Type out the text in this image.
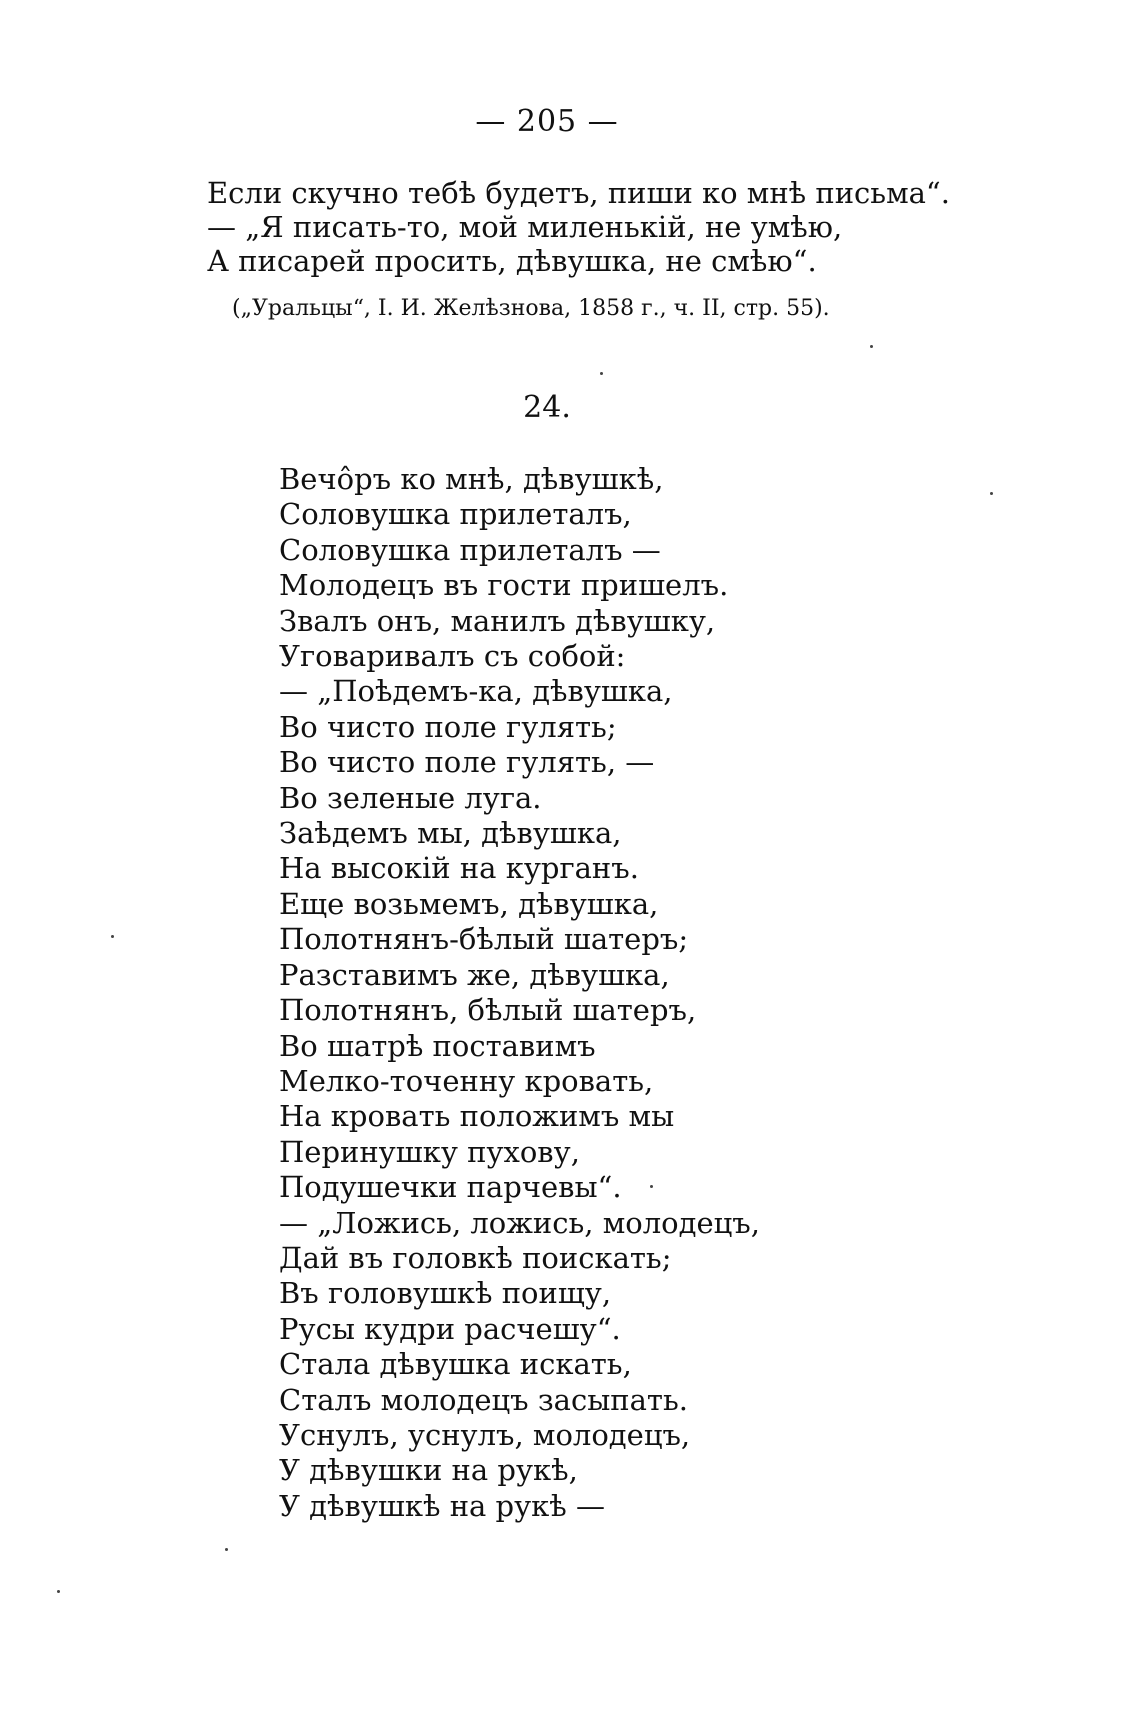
— 205 —
Если скучно тебѣ будетъ, пиши ко мнѣ письма“.
— „Я писать-то, мой миленькій, не умѣю,
А писарей просить, дѣвушка, не смѣю“.
(„Уральцы“, I. И. Желѣзнова, 1858 г., ч. II, стр. 55).
24.
Вечо̂ръ ко мнѣ, дѣвушкѣ,
Соловушка прилеталъ,
Соловушка прилеталъ —
Молодецъ въ гости пришелъ.
Звалъ онъ, манилъ дѣвушку,
Уговаривалъ съ собой:
— „Поѣдемъ-ка, дѣвушка,
Во чисто поле гулять;
Во чисто поле гулять, —
Во зеленые луга.
Заѣдемъ мы, дѣвушка,
На высокій на курганъ.
Еще возьмемъ, дѣвушка,
Полотнянъ-бѣлый шатеръ;
Разставимъ же, дѣвушка,
Полотнянъ, бѣлый шатеръ,
Во шатрѣ поставимъ
Мелко-точенну кровать,
На кровать положимъ мы
Перинушку пухову,
Подушечки парчевы“.
— „Ложись, ложись, молодецъ,
Дай въ головкѣ поискать;
Въ головушкѣ поищу,
Русы кудри расчешу“.
Стала дѣвушка искать,
Сталъ молодецъ засыпать.
Уснулъ, уснулъ, молодецъ,
У дѣвушки на рукѣ,
У дѣвушкѣ на рукѣ —
